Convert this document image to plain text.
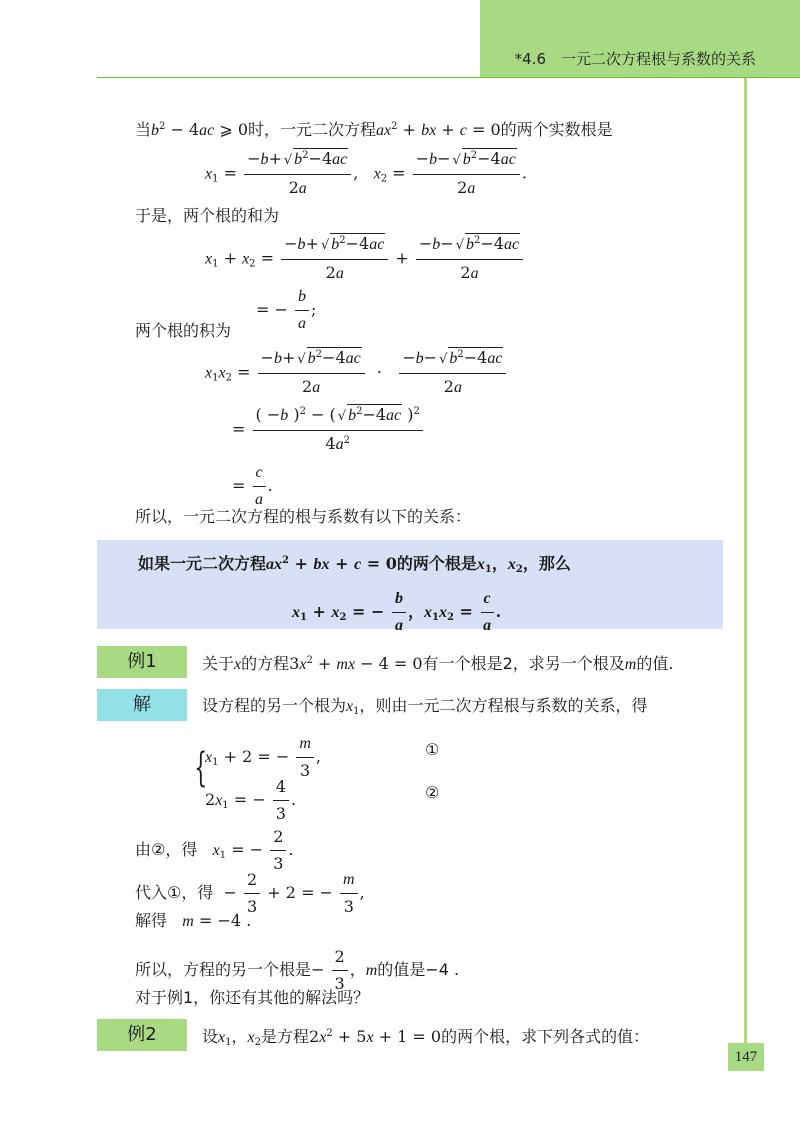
*4.6　一元二次方程根与系数的关系
147
当$b^2 - 4ac$ ⩾ 0时，一元二次方程$ax^2$ + bx + c = 0的两个实数根是
$x_1 = \frac{-b+ √ b^2-4ac}{2a}$ ,   $x_2 = \frac{-b- √ b^2-4ac}{2a}$ .
于是，两个根的和为
$x_1 + x_2 = \frac{-b+ √ b^2-4ac}{2a} + \frac{-b- √ b^2-4ac}{2a}$
= − $\frac{b}{a}$ ;
两个根的积为
$x_1x_2 = \frac{-b+ √ b^2-4ac}{2a} \cdot \frac{-b- √ b^2-4ac}{2a}$
= $\frac{( -b )^2 - ( √ b^2-4ac )^2}{4a^2}$
= $\frac{c}{a}$ .
所以，一元二次方程的根与系数有以下的关系：
如果一元二次方程$ax^2$ + bx + c = 0的两个根是$x_1$，$x_2$，那么
$x_1 + x_2$ = − $\frac{b}{a}$ ，$x_1x_2 = \frac{c}{a}$ .
例1	关于x的方程$3x^2$ + mx − 4 = 0有一个根是2，求另一个根及m的值.
解	设方程的另一个根为$x_1$，则由一元二次方程根与系数的关系，得
{
$x_1 + 2$ = − $\frac{m}{3}$ ,	①
$2x_1$ = − $\frac{4}{3}$ .	②
由②，得 $x_1$ = − $\frac{2}{3}$ .
代入①，得  − $\frac{2}{3} + 2$ = − $\frac{m}{3}$ ,
解得 m = −4 .
所以，方程的另一个根是− $\frac{2}{3}$ ，m的值是−4 .
对于例1，你还有其他的解法吗？
例2	设$x_1$，$x_2$是方程$2x^2 + 5x + 1 = 0$的两个根，求下列各式的值：
